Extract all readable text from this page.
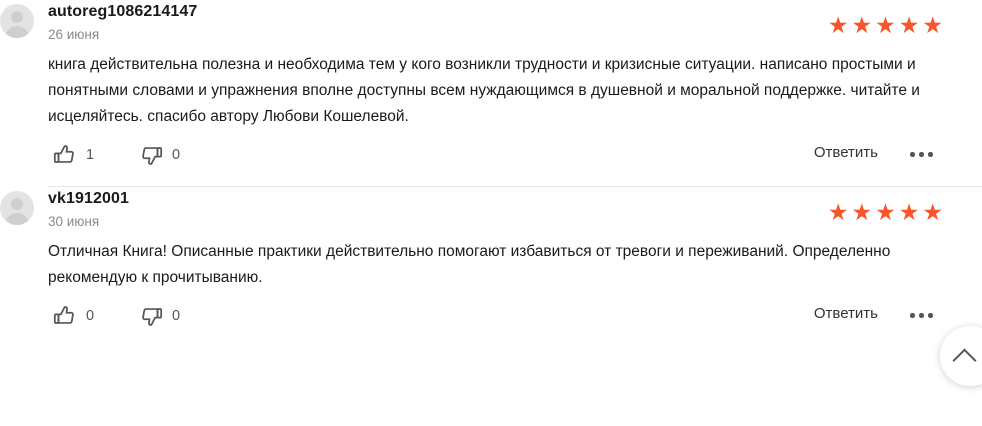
autoreg1086214147
26 июня	★★★★★
книга действительна полезна и необходима тем у кого возникли трудности и кризисные ситуации. написано простыми и понятными словами и упражнения вполне доступны всем нуждающимся в душевной и моральной поддержке. читайте и исцеляйтесь. спасибо автору Любови Кошелевой.
1	0	Ответить
vk1912001
30 июня	★★★★★
Отличная Книга! Описанные практики действительно помогают избавиться от тревоги и переживаний. Определенно рекомендую к прочитыванию.
0	0	Ответить
